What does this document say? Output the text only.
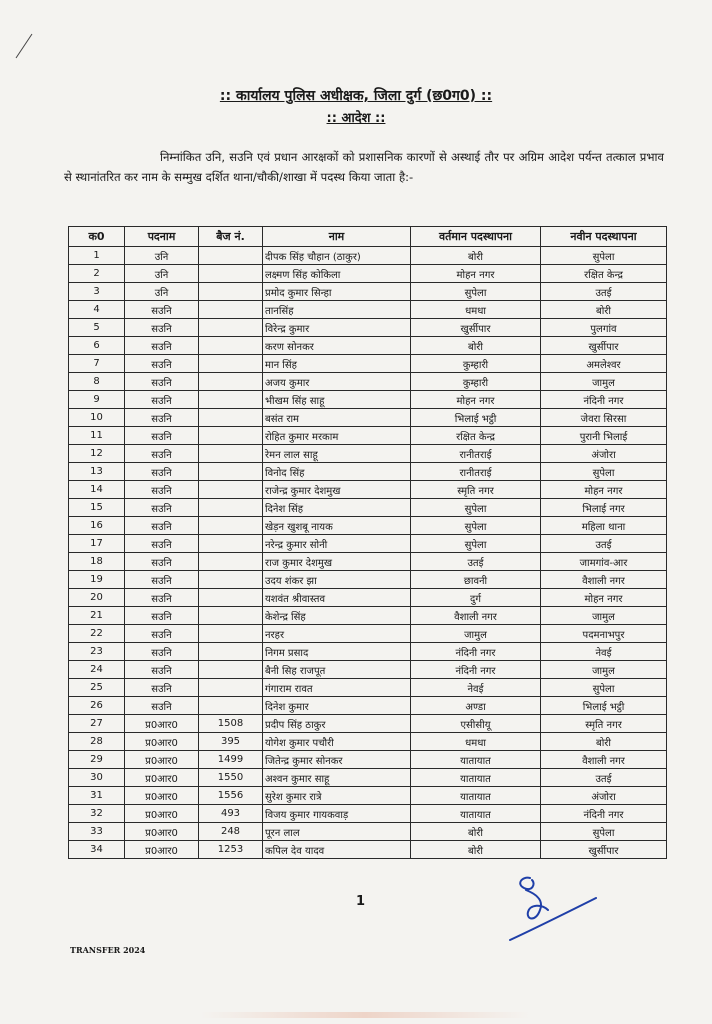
:: कार्यालय पुलिस अधीक्षक, जिला दुर्ग (छ0ग0) ::
:: आदेश ::
निम्नांकित उनि, सउनि एवं प्रधान आरक्षकों को प्रशासनिक कारणों से अस्थाई तौर पर अग्रिम आदेश पर्यन्त तत्काल प्रभाव से स्थानांतरित कर नाम के सम्मुख दर्शित थाना/चौकी/शाखा में पदस्थ किया जाता है:-
क0	पदनाम	बैज नं.	नाम	वर्तमान पदस्थापना	नवीन पदस्थापना
1	उनि		दीपक सिंह चौहान (ठाकुर)	बोरी	सुपेला
2	उनि		लक्ष्मण सिंह कोकिला	मोहन नगर	रक्षित केन्द्र
3	उनि		प्रमोद कुमार सिन्हा	सुपेला	उतई
4	सउनि		तानसिंह	धमधा	बोरी
5	सउनि		विरेन्द्र कुमार	खुर्सीपार	पुलगांव
6	सउनि		करण सोनकर	बोरी	खुर्सीपार
7	सउनि		मान सिंह	कुम्हारी	अमलेश्वर
8	सउनि		अजय कुमार	कुम्हारी	जामुल
9	सउनि		भीखम सिंह साहू	मोहन नगर	नंदिनी नगर
10	सउनि		बसंत राम	भिलाई भट्ठी	जेवरा सिरसा
11	सउनि		रोहित कुमार मरकाम	रक्षित केन्द्र	पुरानी भिलाई
12	सउनि		रेमन लाल साहू	रानीतराई	अंजोरा
13	सउनि		विनोद सिंह	रानीतराई	सुपेला
14	सउनि		राजेन्द्र कुमार देशमुख	स्मृति नगर	मोहन नगर
15	सउनि		दिनेश सिंह	सुपेला	भिलाई नगर
16	सउनि		खेड़न खुशबू नायक	सुपेला	महिला थाना
17	सउनि		नरेन्द्र कुमार सोनी	सुपेला	उतई
18	सउनि		राज कुमार देशमुख	उतई	जामगांव-आर
19	सउनि		उदय शंकर झा	छावनी	वैशाली नगर
20	सउनि		यशवंत श्रीवास्तव	दुर्ग	मोहन नगर
21	सउनि		केशेन्द्र सिंह	वैशाली नगर	जामुल
22	सउनि		नरहर	जामुल	पदमनाभपुर
23	सउनि		निगम प्रसाद	नंदिनी नगर	नेवई
24	सउनि		बैनी सिह राजपूत	नंदिनी नगर	जामुल
25	सउनि		गंगाराम रावत	नेवई	सुपेला
26	सउनि		दिनेश कुमार	अण्डा	भिलाई भट्ठी
27	प्र0आर0	1508	प्रदीप सिंह ठाकुर	एसीसीयू	स्मृति नगर
28	प्र0आर0	395	योगेश कुमार पचौरी	धमधा	बोरी
29	प्र0आर0	1499	जितेन्द्र कुमार सोनकर	यातायात	वैशाली नगर
30	प्र0आर0	1550	अश्वन कुमार साहू	यातायात	उतई
31	प्र0आर0	1556	सुरेश कुमार रात्रे	यातायात	अंजोरा
32	प्र0आर0	493	विजय कुमार गायकवाड़	यातायात	नंदिनी नगर
33	प्र0आर0	248	पूरन लाल	बोरी	सुपेला
34	प्र0आर0	1253	कपिल देव यादव	बोरी	खुर्सीपार
1
TRANSFER 2024
